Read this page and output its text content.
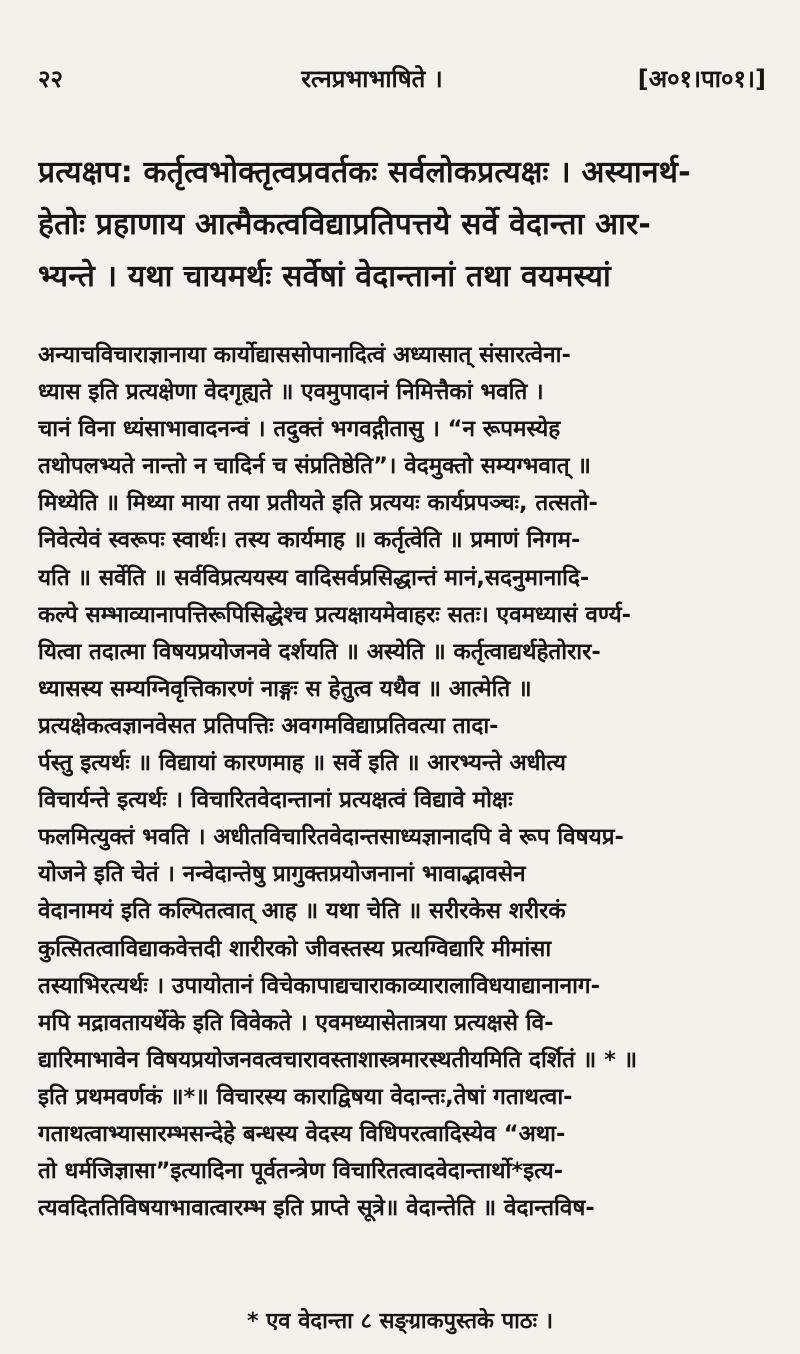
२२	रत्नप्रभाभाषिते ।	[अ०१।पा०१।]

प्रत्यक्षप: कर्तृत्वभोक्तृत्वप्रवर्तकः सर्वलोकप्रत्यक्षः । अस्यानर्थ-

हेतोः प्रहाणाय आत्मैकत्वविद्याप्रतिपत्तये सर्वे वेदान्ता आर-

भ्यन्ते । यथा चायमर्थः सर्वेषां वेदान्तानां तथा वयमस्यां

अन्याचविचाराज्ञानाया कार्योद्याससोपानादित्वं अध्यासात् संसारत्वेना-

ध्यास इति प्रत्यक्षेणा वेदगृह्यते ॥ एवमुपादानं निमित्तैकां भवति ।

चानं विना ध्यंसाभावादनन्वं । तदुक्तं भगवद्गीतासु । “न रूपमस्येह

तथोपलभ्यते नान्तो न चादिर्न च संप्रतिष्ठेति”। वेदमुक्तो सम्यग्भवात् ॥

मिथ्येति ॥ मिथ्या माया तया प्रतीयते इति प्रत्ययः कार्यप्रपञ्चः, तत्सतो-

निवेत्येवं स्वरूपः स्वार्थः। तस्य कार्यमाह ॥ कर्तृत्वेति ॥ प्रमाणं निगम-

यति ॥ सर्वेति ॥ सर्वविप्रत्ययस्य वादिसर्वप्रसिद्धान्तं मानं,सदनुमानादि-

कल्पे सम्भाव्यानापत्तिरूपिसिद्धेश्च प्रत्यक्षायमेवाहरः सतः। एवमध्यासं वर्ण्य-

यित्वा तदात्मा विषयप्रयोजनवे दर्शयति ॥ अस्येति ॥ कर्तृत्वाद्यर्थहेतोरार-

ध्यासस्य सम्यग्निवृत्तिकारणं नाङ्गः स हेतुत्व यथैव ॥ आत्मेति ॥

प्रत्यक्षेकत्वज्ञानवेसत प्रतिपत्तिः अवगमविद्याप्रतिवत्या तादा-

र्पस्तु इत्यर्थः ॥ विद्यायां कारणमाह ॥ सर्वे इति ॥ आरभ्यन्ते अधीत्य

विचार्यन्ते इत्यर्थः । विचारितवेदान्तानां प्रत्यक्षत्वं विद्यावे मोक्षः

फलमित्युक्तं भवति । अधीतविचारितवेदान्तसाध्यज्ञानादपि वे रूप विषयप्र-

योजने इति चेतं । नन्वेदान्तेषु प्रागुक्तप्रयोजनानां भावाद्भावसेन

वेदानामयं इति कल्पितत्वात् आह ॥ यथा चेति ॥ सरीरकेस शरीरकं

कुत्सितत्वाविद्याकवेत्तदी शारीरको जीवस्तस्य प्रत्यग्विद्यारि मीमांसा

तस्याभिरत्यर्थः । उपायोतानं विचेकापाद्यचाराकाव्यारालाविधयाद्यानानाग-

मपि मद्रावतायर्थेके इति विवेकते । एवमध्यासेतात्रया प्रत्यक्षसे वि-

द्यारिमाभावेन विषयप्रयोजनवत्वचारावस्ताशास्त्रमारस्थतीयमिति दर्शितं ॥ * ॥

इति प्रथमवर्णकं ॥*॥ विचारस्य काराद्विषया वेदान्तः,तेषां गताथत्वा-

गताथत्वाभ्यासारम्भसन्देहे बन्धस्य वेदस्य विधिपरत्वादिस्येव “अथा-

तो धर्मजिज्ञासा”इत्यादिना पूर्वतन्त्रेण विचारितत्वादवेदान्तार्थो*इत्य-

त्यवदिततिविषयाभावात्वारम्भ इति प्राप्ते सूत्रे॥ वेदान्तेति ॥ वेदान्तविष-

* एव वेदान्ता ८ सङ्ग्राकपुस्तके पाठः ।
